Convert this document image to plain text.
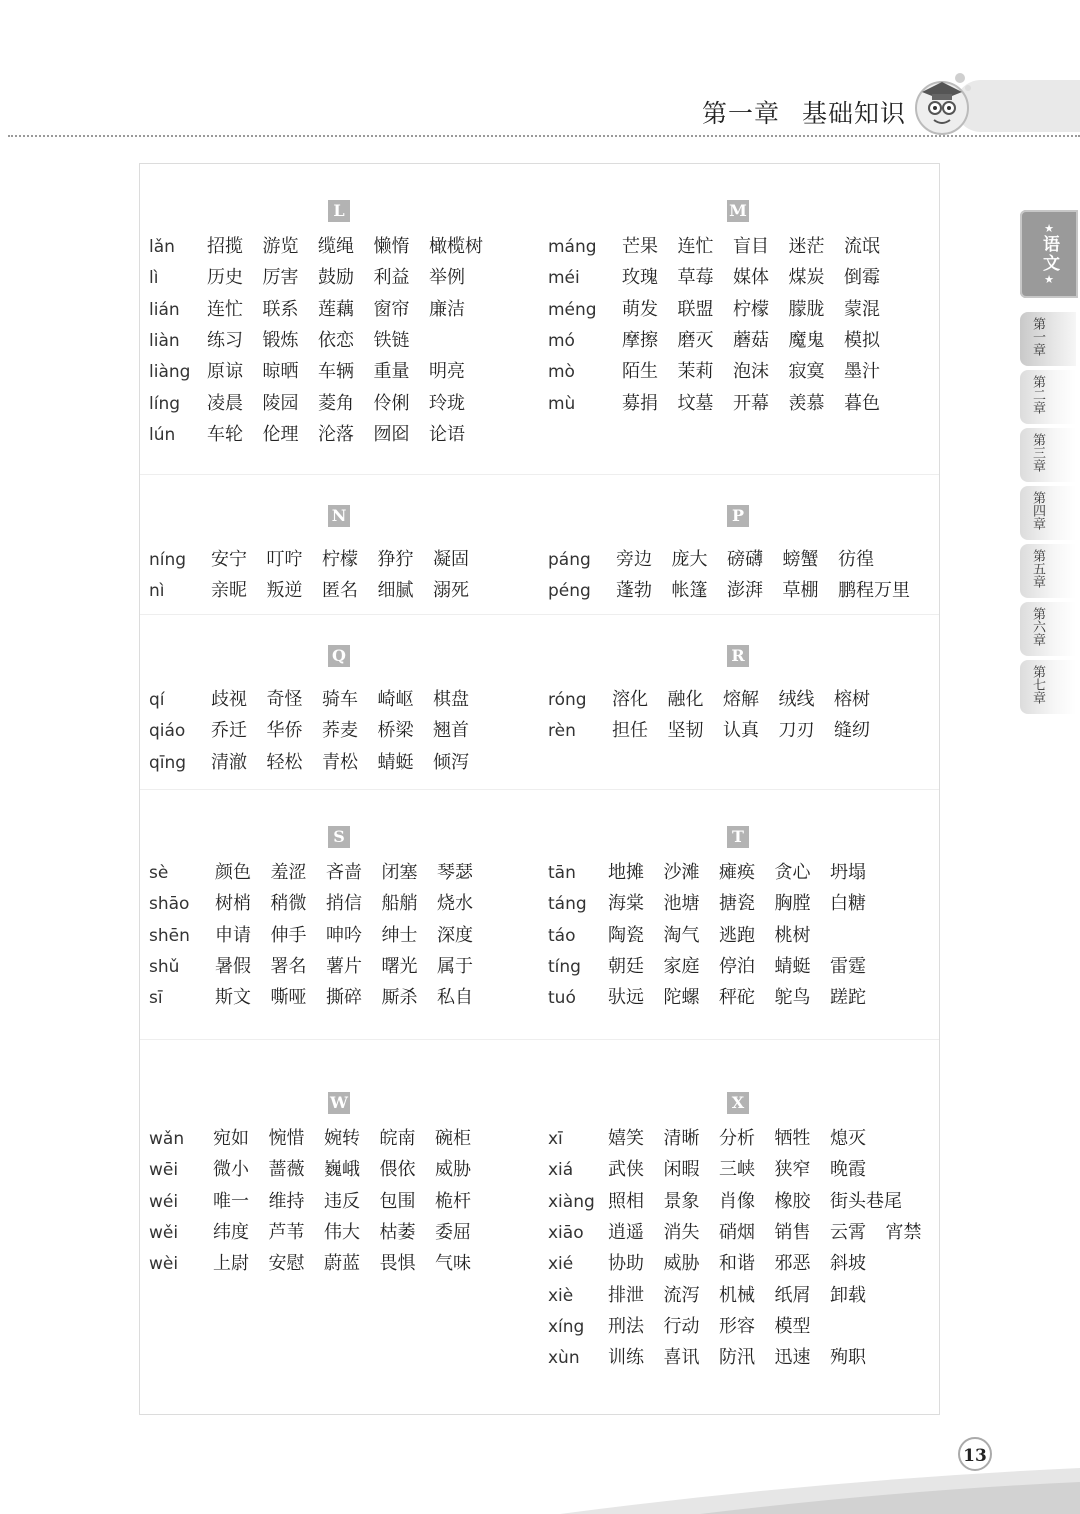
第一章 基础知识
★
语文
★
第一章
第二章
第三章
第四章
第五章
第六章
第七章
L
lǎn 招揽 游览 缆绳 懒惰 橄榄树
lì	历史 厉害 鼓励 利益 举例
lián 连忙 联系 莲藕 窗帘 廉洁
liàn 练习 锻炼 依恋 铁链
liàng 原谅 晾晒 车辆 重量 明亮
líng 凌晨 陵园 菱角 伶俐 玲珑
lún 车轮 伦理 沦落 囫囵 论语
M
máng 芒果 连忙 盲目 迷茫 流氓
méi 玫瑰 草莓 媒体 煤炭 倒霉
méng 萌发 联盟 柠檬 朦胧 蒙混
mó	摩擦 磨灭 蘑菇 魔鬼 模拟
mò	陌生 茉莉 泡沫 寂寞 墨汁
mù	募捐 坟墓 开幕 羡慕 暮色
N
níng 安宁 叮咛 柠檬 狰狞 凝固
nì	亲昵 叛逆 匿名 细腻 溺死
P
páng 旁边 庞大 磅礴 螃蟹 彷徨
péng 蓬勃 帐篷 澎湃 草棚 鹏程万里
Q
qí	歧视 奇怪 骑车 崎岖 棋盘
qiáo 乔迁 华侨 荞麦 桥梁 翘首
qīng 清澈 轻松 青松 蜻蜓 倾泻
R
róng 溶化 融化 熔解 绒线 榕树
rèn 担任 坚韧 认真 刀刃 缝纫
S
sè	颜色 羞涩 吝啬 闭塞 琴瑟
shāo 树梢 稍微 捎信 船艄 烧水
shēn 申请 伸手 呻吟 绅士 深度
shǔ 暑假 署名 薯片 曙光 属于
sī	斯文 嘶哑 撕碎 厮杀 私自
T
tān 地摊 沙滩 瘫痪 贪心 坍塌
táng 海棠 池塘 搪瓷 胸膛 白糖
táo 陶瓷 淘气 逃跑 桃树
tíng 朝廷 家庭 停泊 蜻蜓 雷霆
tuó 驮远 陀螺 秤砣 鸵鸟 蹉跎
W
wǎn 宛如 惋惜 婉转 皖南 碗柜
wēi 微小 蔷薇 巍峨 偎依 威胁
wéi 唯一 维持 违反 包围 桅杆
wěi 纬度 芦苇 伟大 枯萎 委屈
wèi 上尉 安慰 蔚蓝 畏惧 气味
X
xī	嬉笑 清晰 分析 牺牲 熄灭
xiá 武侠 闲暇 三峡 狭窄 晚霞
xiàng 照相 景象 肖像 橡胶 街头巷尾
xiāo 逍遥 消失 硝烟 销售 云霄 宵禁
xié 协助 威胁 和谐 邪恶 斜坡
xiè 排泄 流泻 机械 纸屑 卸载
xíng 刑法 行动 形容 模型
xùn 训练 喜讯 防汛 迅速 殉职
13
